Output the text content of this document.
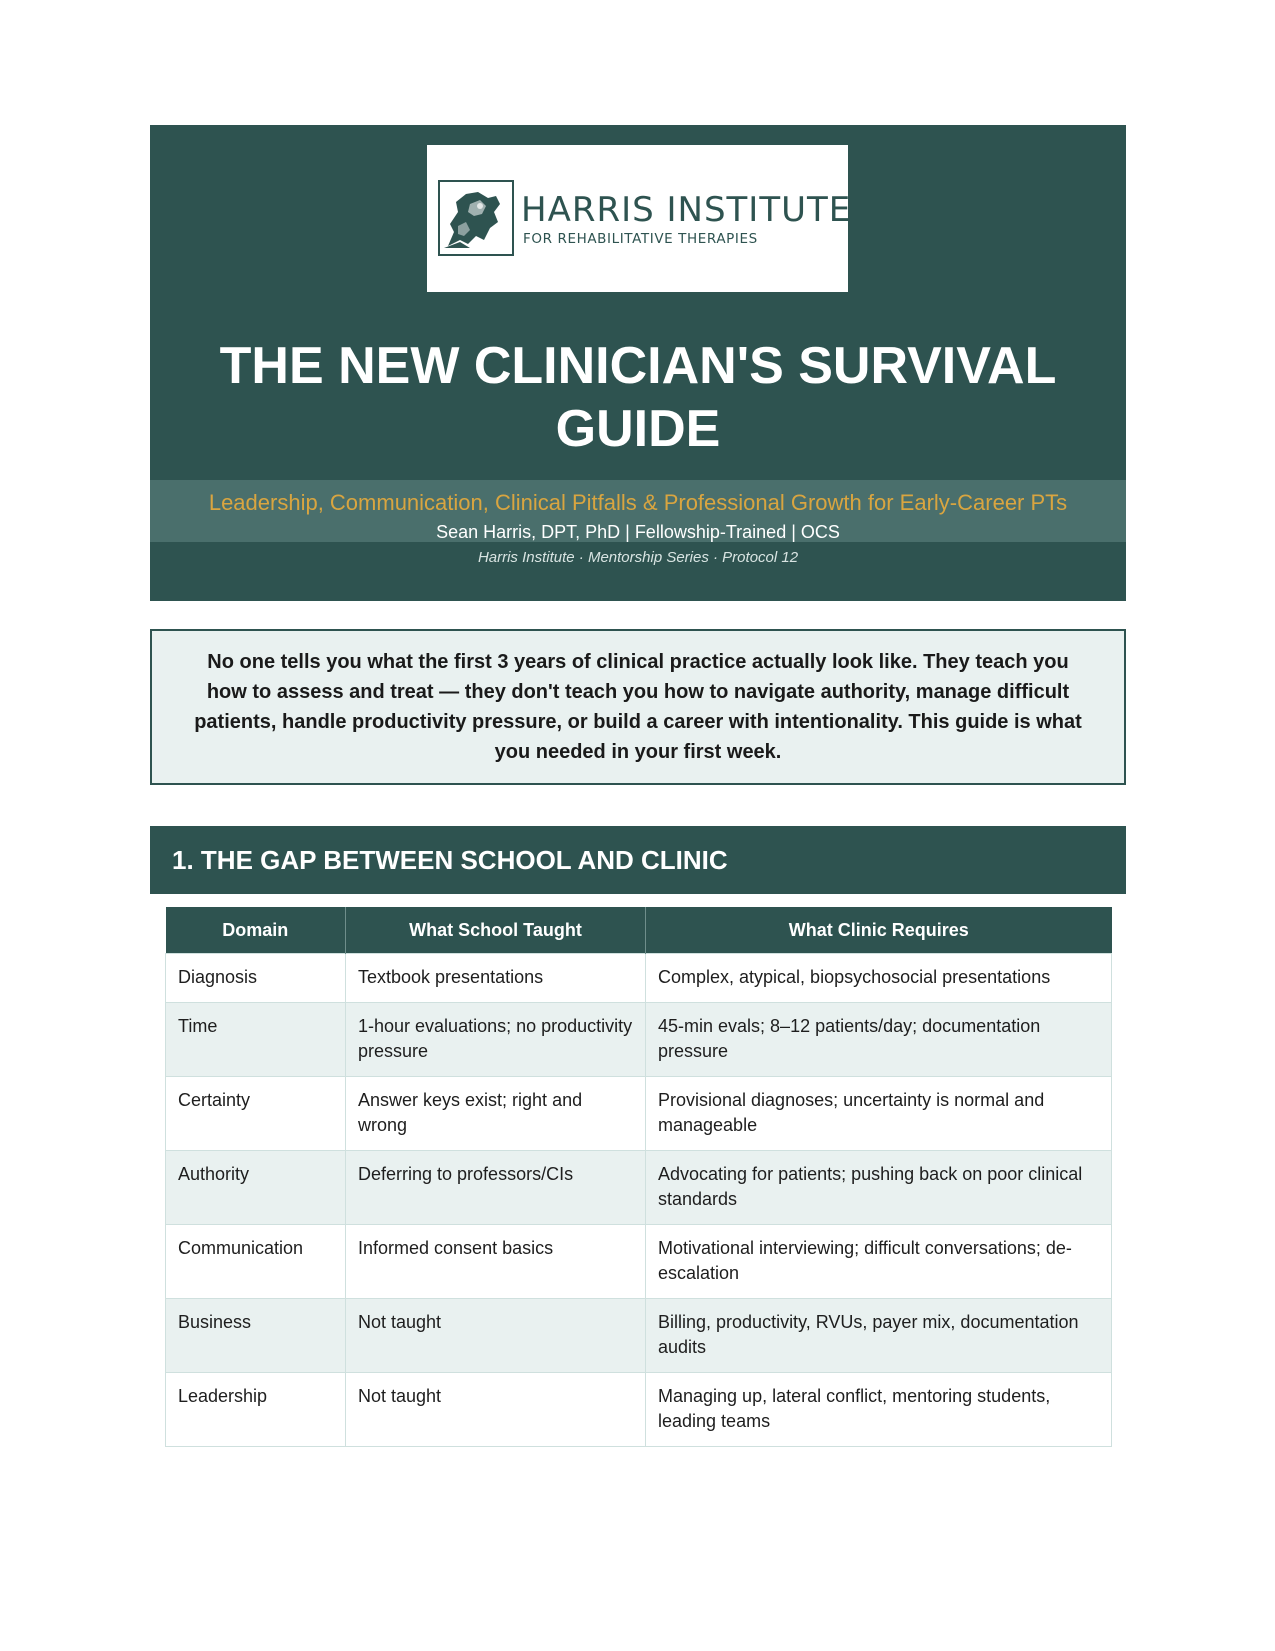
HARRIS INSTITUTE
FOR REHABILITATIVE THERAPIES
THE NEW CLINICIAN'S SURVIVAL GUIDE
Leadership, Communication, Clinical Pitfalls & Professional Growth for Early-Career PTs
Sean Harris, DPT, PhD | Fellowship-Trained | OCS
Harris Institute · Mentorship Series · Protocol 12

No one tells you what the first 3 years of clinical practice actually look like. They teach you how to assess and treat — they don't teach you how to navigate authority, manage difficult patients, handle productivity pressure, or build a career with intentionality. This guide is what you needed in your first week.

1. THE GAP BETWEEN SCHOOL AND CLINIC
Domain	What School Taught	What Clinic Requires
Diagnosis	Textbook presentations	Complex, atypical, biopsychosocial presentations
Time	1-hour evaluations; no productivity pressure	45-min evals; 8–12 patients/day; documentation pressure
Certainty	Answer keys exist; right and wrong	Provisional diagnoses; uncertainty is normal and manageable
Authority	Deferring to professors/CIs	Advocating for patients; pushing back on poor clinical standards
Communication	Informed consent basics	Motivational interviewing; difficult conversations; de-escalation
Business	Not taught	Billing, productivity, RVUs, payer mix, documentation audits
Leadership	Not taught	Managing up, lateral conflict, mentoring students, leading teams
